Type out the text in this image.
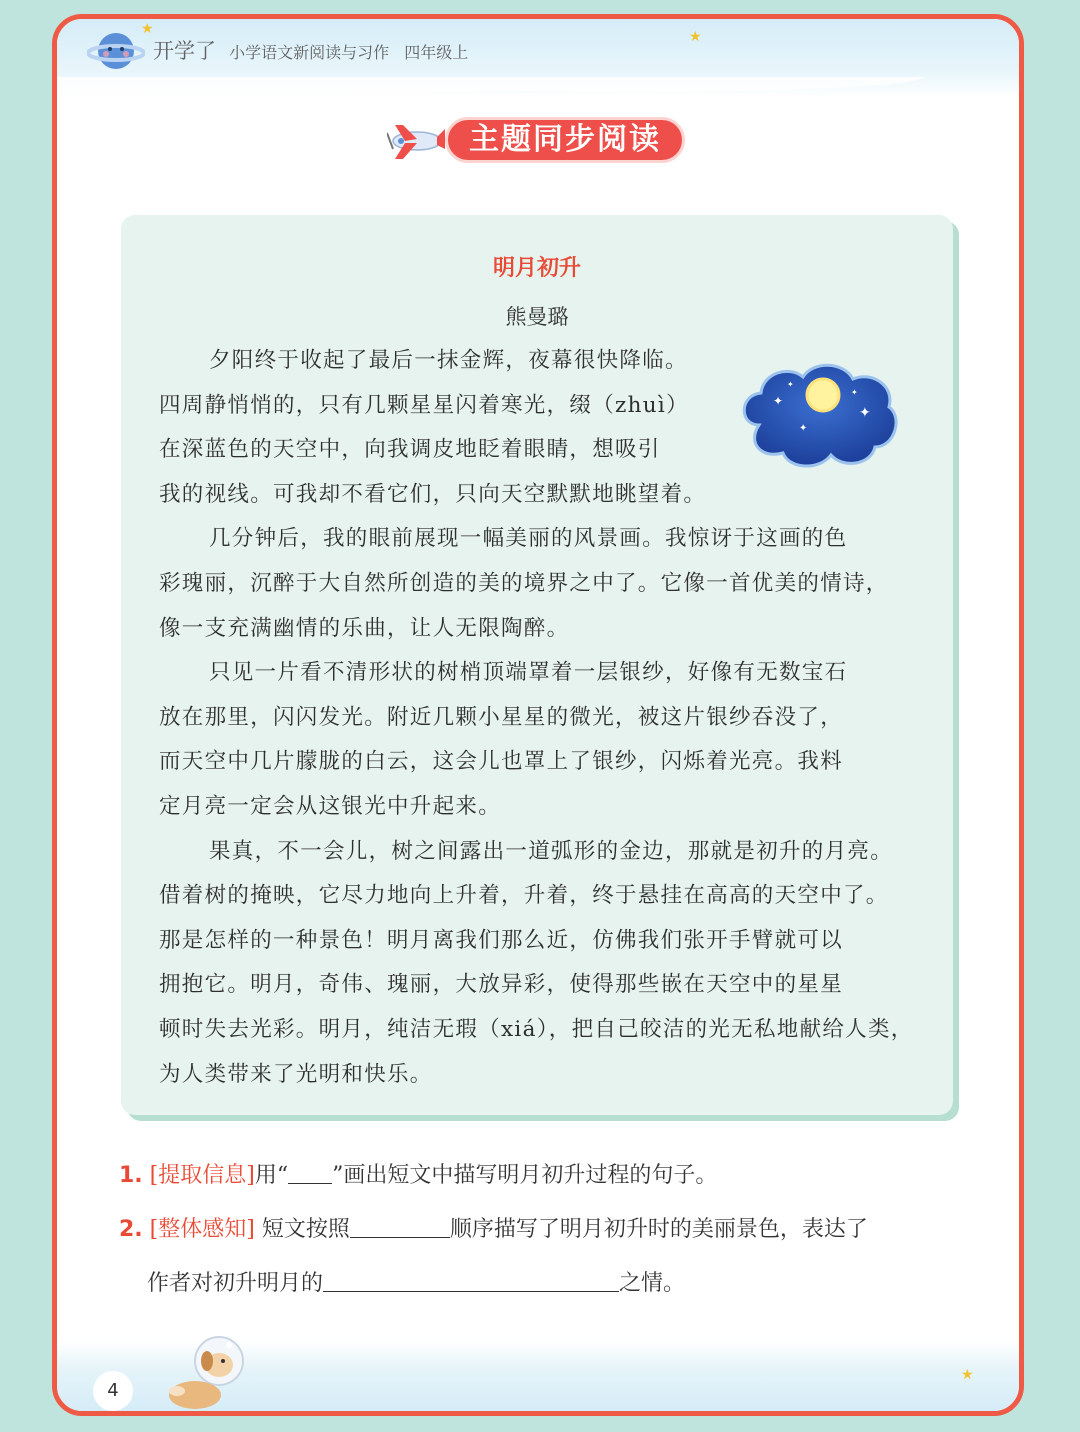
★	★
开学了 小学语文新阅读与习作 四年级上
主题同步阅读
明月初升
熊曼璐
✦
✦
✦
✦
✦
夕阳终于收起了最后一抹金辉，夜幕很快降临。
四周静悄悄的，只有几颗星星闪着寒光，缀（zhuì）
在深蓝色的天空中，向我调皮地眨着眼睛，想吸引
我的视线。可我却不看它们，只向天空默默地眺望着。
几分钟后，我的眼前展现一幅美丽的风景画。我惊讶于这画的色
彩瑰丽，沉醉于大自然所创造的美的境界之中了。它像一首优美的情诗，
像一支充满幽情的乐曲，让人无限陶醉。
只见一片看不清形状的树梢顶端罩着一层银纱，好像有无数宝石
放在那里，闪闪发光。附近几颗小星星的微光，被这片银纱吞没了，
而天空中几片朦胧的白云，这会儿也罩上了银纱，闪烁着光亮。我料
定月亮一定会从这银光中升起来。
果真，不一会儿，树之间露出一道弧形的金边，那就是初升的月亮。
借着树的掩映，它尽力地向上升着，升着，终于悬挂在高高的天空中了。
那是怎样的一种景色！明月离我们那么近，仿佛我们张开手臂就可以
拥抱它。明月，奇伟、瑰丽，大放异彩，使得那些嵌在天空中的星星
顿时失去光彩。明月，纯洁无瑕（xiá），把自己皎洁的光无私地献给人类，
为人类带来了光明和快乐。
1. [提取信息]用“ ”画出短文中描写明月初升过程的句子。
2. [整体感知] 短文按照	顺序描写了明月初升时的美丽景色，表达了
作者对初升明月的	之情。
★
4
